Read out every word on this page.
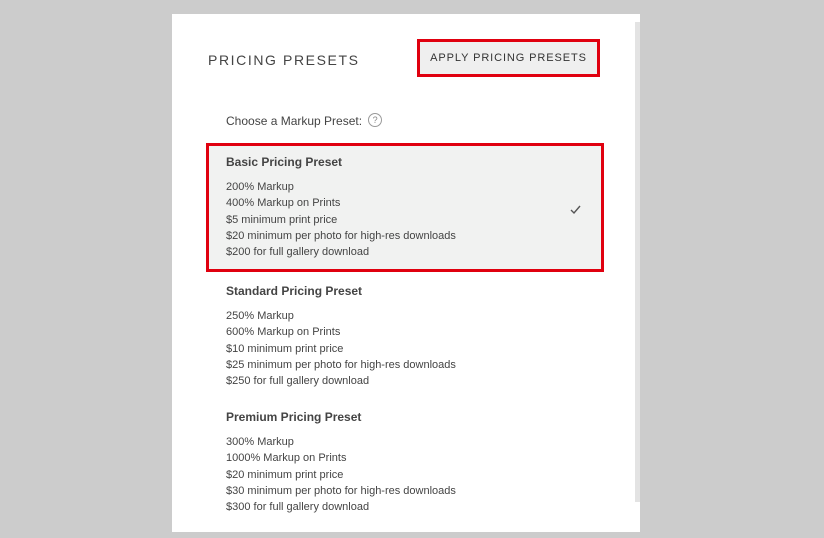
PRICING PRESETS	APPLY PRICING PRESETS
Choose a Markup Preset:	?
Basic Pricing Preset
200% Markup
400% Markup on Prints
$5 minimum print price
$20 minimum per photo for high-res downloads
$200 for full gallery download
Standard Pricing Preset
250% Markup
600% Markup on Prints
$10 minimum print price
$25 minimum per photo for high-res downloads
$250 for full gallery download
Premium Pricing Preset
300% Markup
1000% Markup on Prints
$20 minimum print price
$30 minimum per photo for high-res downloads
$300 for full gallery download
